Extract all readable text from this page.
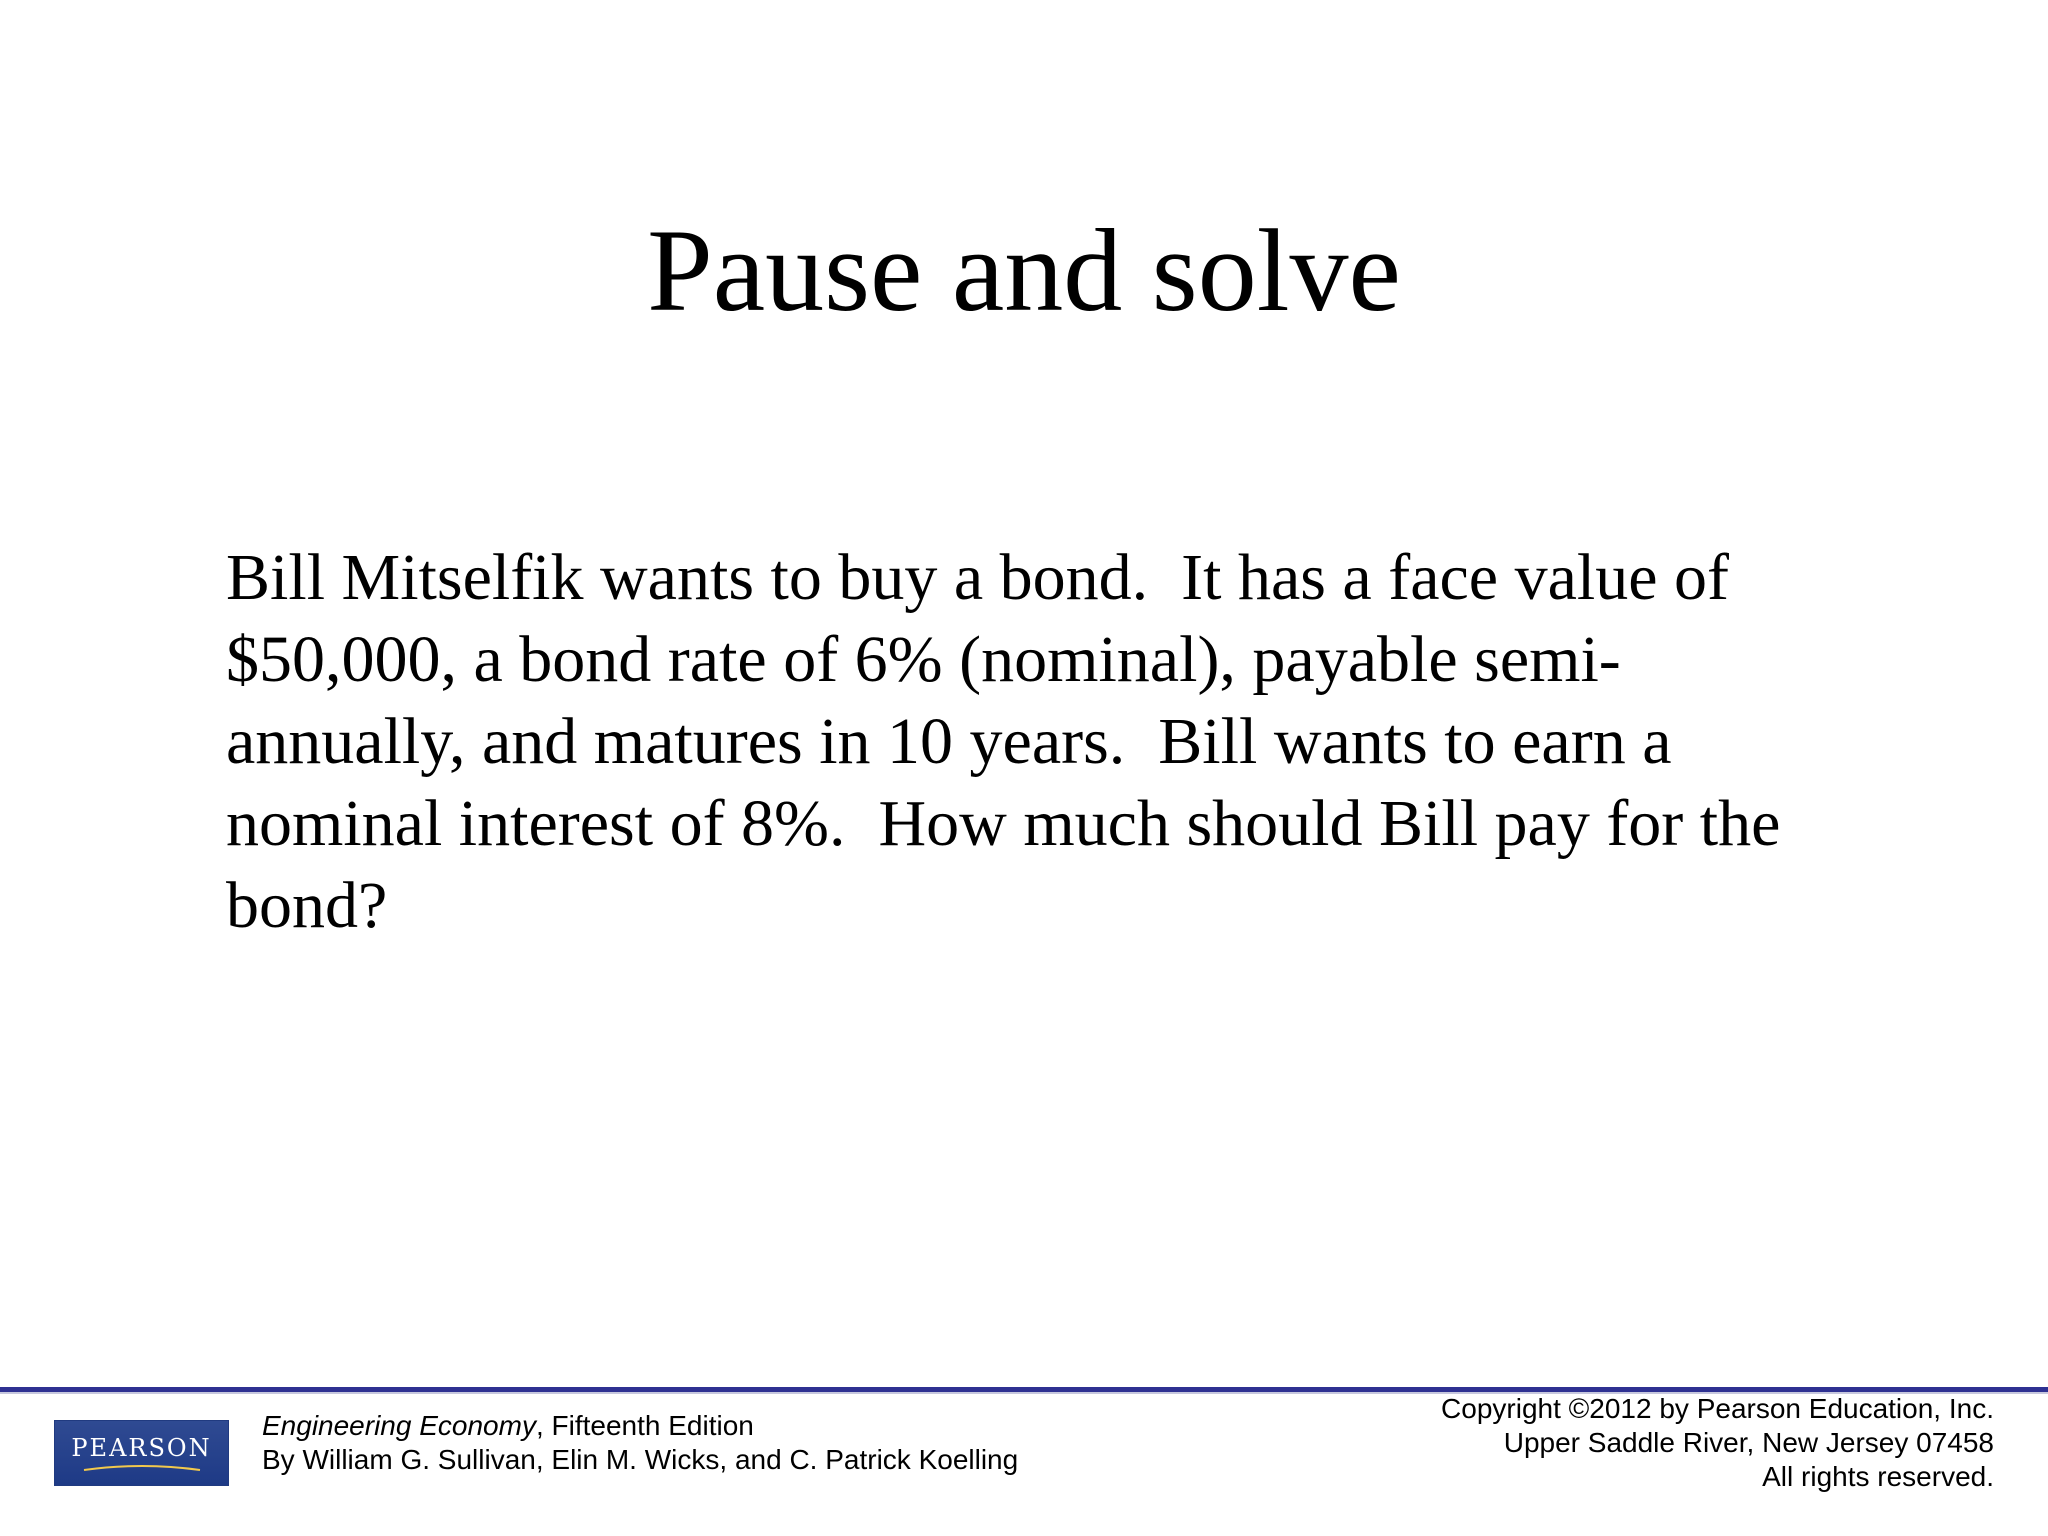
Pause and solve
Bill Mitselfik wants to buy a bond.  It has a face value of
$50,000, a bond rate of 6% (nominal), payable semi-
annually, and matures in 10 years.  Bill wants to earn a
nominal interest of 8%.  How much should Bill pay for the
bond?
PEARSON
Engineering Economy, Fifteenth Edition
By William G. Sullivan, Elin M. Wicks, and C. Patrick Koelling
Copyright ©2012 by Pearson Education, Inc.
Upper Saddle River, New Jersey 07458
All rights reserved.
